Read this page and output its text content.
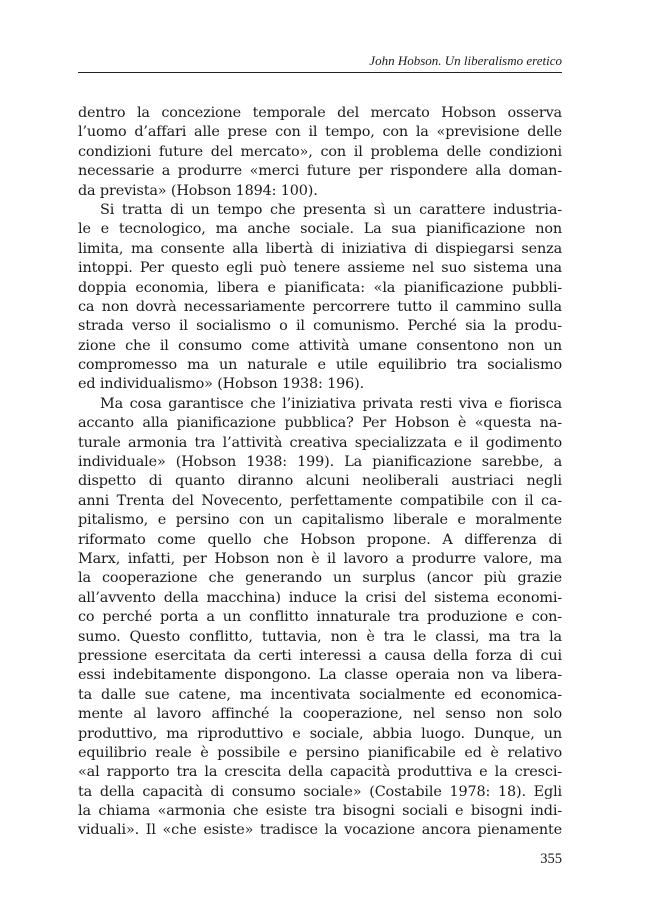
John Hobson. Un liberalismo eretico
dentro la concezione temporale del mercato Hobson osserva
l’uomo d’affari alle prese con il tempo, con la «previsione delle
condizioni future del mercato», con il problema delle condizioni
necessarie a produrre «merci future per rispondere alla doman-
da prevista» (Hobson 1894: 100).
Si tratta di un tempo che presenta sì un carattere industria-
le e tecnologico, ma anche sociale. La sua pianificazione non
limita, ma consente alla libertà di iniziativa di dispiegarsi senza
intoppi. Per questo egli può tenere assieme nel suo sistema una
doppia economia, libera e pianificata: «la pianificazione pubbli-
ca non dovrà necessariamente percorrere tutto il cammino sulla
strada verso il socialismo o il comunismo. Perché sia la produ-
zione che il consumo come attività umane consentono non un
compromesso ma un naturale e utile equilibrio tra socialismo
ed individualismo» (Hobson 1938: 196).
Ma cosa garantisce che l’iniziativa privata resti viva e fiorisca
accanto alla pianificazione pubblica? Per Hobson è «questa na-
turale armonia tra l’attività creativa specializzata e il godimento
individuale» (Hobson 1938: 199). La pianificazione sarebbe, a
dispetto di quanto diranno alcuni neoliberali austriaci negli
anni Trenta del Novecento, perfettamente compatibile con il ca-
pitalismo, e persino con un capitalismo liberale e moralmente
riformato come quello che Hobson propone. A differenza di
Marx, infatti, per Hobson non è il lavoro a produrre valore, ma
la cooperazione che generando un surplus (ancor più grazie
all’avvento della macchina) induce la crisi del sistema economi-
co perché porta a un conflitto innaturale tra produzione e con-
sumo. Questo conflitto, tuttavia, non è tra le classi, ma tra la
pressione esercitata da certi interessi a causa della forza di cui
essi indebitamente dispongono. La classe operaia non va libera-
ta dalle sue catene, ma incentivata socialmente ed economica-
mente al lavoro affinché la cooperazione, nel senso non solo
produttivo, ma riproduttivo e sociale, abbia luogo. Dunque, un
equilibrio reale è possibile e persino pianificabile ed è relativo
«al rapporto tra la crescita della capacità produttiva e la cresci-
ta della capacità di consumo sociale» (Costabile 1978: 18). Egli
la chiama «armonia che esiste tra bisogni sociali e bisogni indi-
viduali». Il «che esiste» tradisce la vocazione ancora pienamente
355
